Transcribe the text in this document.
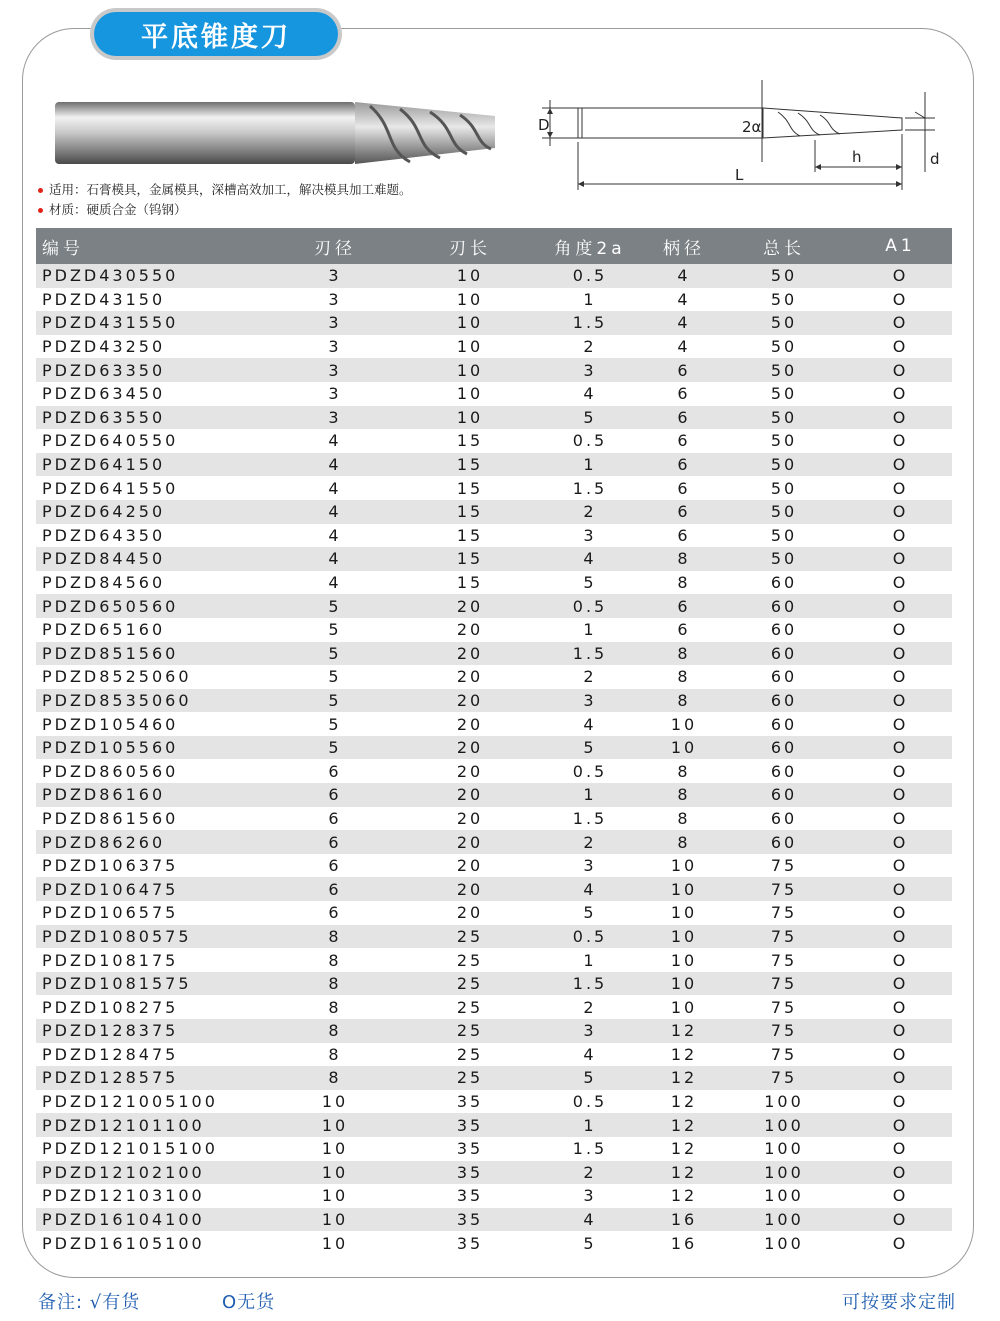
平底锥度刀
D	2α
h
L
d
适用：石膏模具，金属模具，深槽高效加工，解决模具加工难题。
材质：硬质合金（钨钢）
编号	刃径	刃长	角度2a	柄径	总长	A1
PDZD430550	3	10	0.5	4	50	O
PDZD43150	3	10	1	4	50	O
PDZD431550	3	10	1.5	4	50	O
PDZD43250	3	10	2	4	50	O
PDZD63350	3	10	3	6	50	O
PDZD63450	3	10	4	6	50	O
PDZD63550	3	10	5	6	50	O
PDZD640550	4	15	0.5	6	50	O
PDZD64150	4	15	1	6	50	O
PDZD641550	4	15	1.5	6	50	O
PDZD64250	4	15	2	6	50	O
PDZD64350	4	15	3	6	50	O
PDZD84450	4	15	4	8	50	O
PDZD84560	4	15	5	8	60	O
PDZD650560	5	20	0.5	6	60	O
PDZD65160	5	20	1	6	60	O
PDZD851560	5	20	1.5	8	60	O
PDZD8525060	5	20	2	8	60	O
PDZD8535060	5	20	3	8	60	O
PDZD105460	5	20	4	10	60	O
PDZD105560	5	20	5	10	60	O
PDZD860560	6	20	0.5	8	60	O
PDZD86160	6	20	1	8	60	O
PDZD861560	6	20	1.5	8	60	O
PDZD86260	6	20	2	8	60	O
PDZD106375	6	20	3	10	75	O
PDZD106475	6	20	4	10	75	O
PDZD106575	6	20	5	10	75	O
PDZD1080575	8	25	0.5	10	75	O
PDZD108175	8	25	1	10	75	O
PDZD1081575	8	25	1.5	10	75	O
PDZD108275	8	25	2	10	75	O
PDZD128375	8	25	3	12	75	O
PDZD128475	8	25	4	12	75	O
PDZD128575	8	25	5	12	75	O
PDZD121005100	10	35	0.5	12	100	O
PDZD12101100	10	35	1	12	100	O
PDZD121015100	10	35	1.5	12	100	O
PDZD12102100	10	35	2	12	100	O
PDZD12103100	10	35	3	12	100	O
PDZD16104100	10	35	4	16	100	O
PDZD16105100	10	35	5	16	100	O
备注: √有货	O无货	可按要求定制
